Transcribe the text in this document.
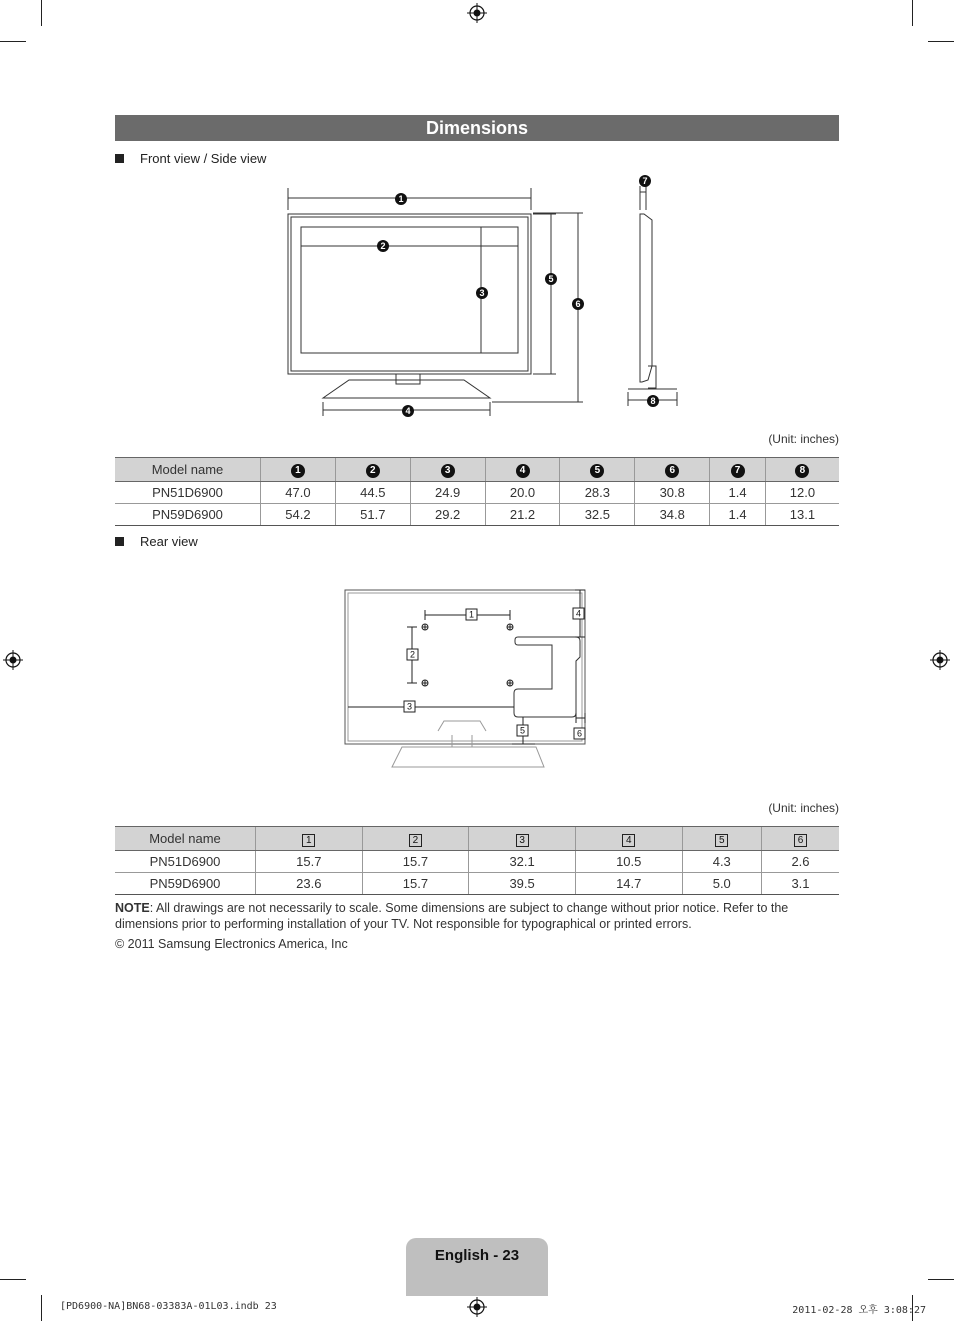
Dimensions
Front view / Side view
1
2
3
4
5
6
7
8
(Unit: inches)
Model name	1	2	3	4	5	6	7	8
PN51D6900	47.0	44.5	24.9	20.0	28.3	30.8	1.4	12.0
PN59D6900	54.2	51.7	29.2	21.2	32.5	34.8	1.4	13.1
Rear view
1
2
3
4
5	6
(Unit: inches)
Model name	1	2	3	4	5	6
PN51D6900	15.7	15.7	32.1	10.5	4.3	2.6
PN59D6900	23.6	15.7	39.5	14.7	5.0	3.1
NOTE: All drawings are not necessarily to scale. Some dimensions are subject to change without prior notice. Refer to the dimensions prior to performing installation of your TV. Not responsible for typographical or printed errors.
© 2011 Samsung Electronics America, Inc
English - 23
[PD6900-NA]BN68-03383A-01L03.indb 23	2011-02-28 오후 3:08:27
